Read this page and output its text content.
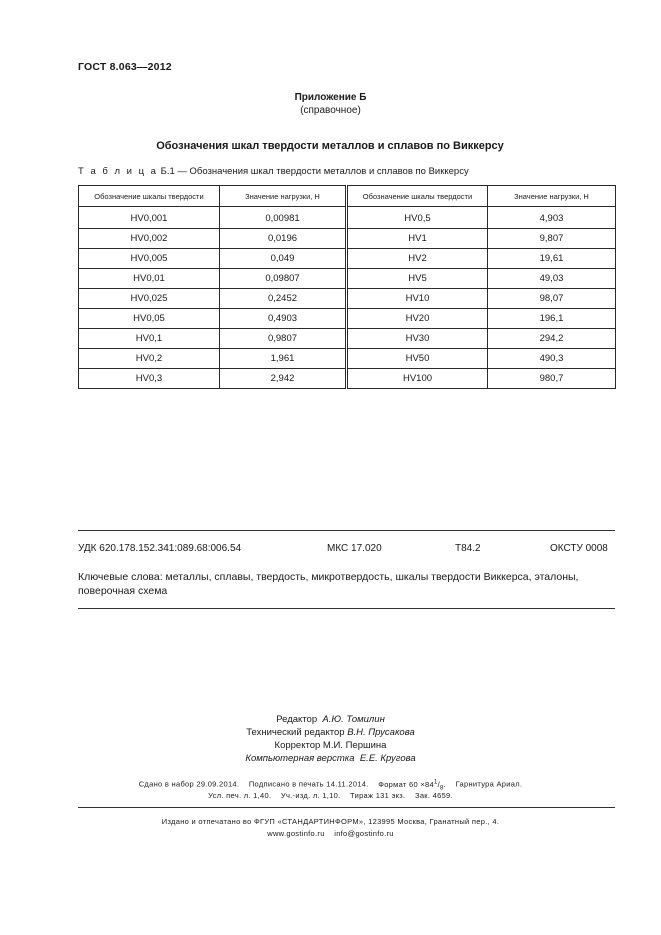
ГОСТ 8.063—2012
Приложение Б
(справочное)
Обозначения шкал твердости металлов и сплавов по Виккерсу
Т а б л и ц а Б.1 — Обозначения шкал твердости металлов и сплавов по Виккерсу
Обозначение шкалы твердости	Значение нагрузки, Н	Обозначение шкалы твердости	Значение нагрузки, Н
HV0,001	0,00981	HV0,5	4,903
HV0,002	0,0196	HV1	9,807
HV0,005	0,049	HV2	19,61
HV0,01	0,09807	HV5	49,03
HV0,025	0,2452	HV10	98,07
HV0,05	0,4903	HV20	196,1
HV0,1	0,9807	HV30	294,2
HV0,2	1,961	HV50	490,3
HV0,3	2,942	HV100	980,7
УДК 620.178.152.341:089.68:006.54	МКС 17.020	Т84.2	ОКСТУ 0008
Ключевые слова: металлы, сплавы, твердость, микротвердость, шкалы твердости Виккерса, эталоны, поверочная схема
Редактор А.Ю. Томилин
Технический редактор В.Н. Прусакова
Корректор М.И. Першина
Компьютерная верстка Е.Е. Кругова
Сдано в набор 29.09.2014. Подписано в печать 14.11.2014. Формат $60 \times 84^1/_8$. Гарнитура Ариал.
Усл. печ. л. 1,40. Уч.-изд. л. 1,10. Тираж 131 экз. Зак. 4659.
Издано и отпечатано во ФГУП «СТАНДАРТИНФОРМ», 123995 Москва, Гранатный пер., 4.
www.gostinfo.ru info@gostinfo.ru
